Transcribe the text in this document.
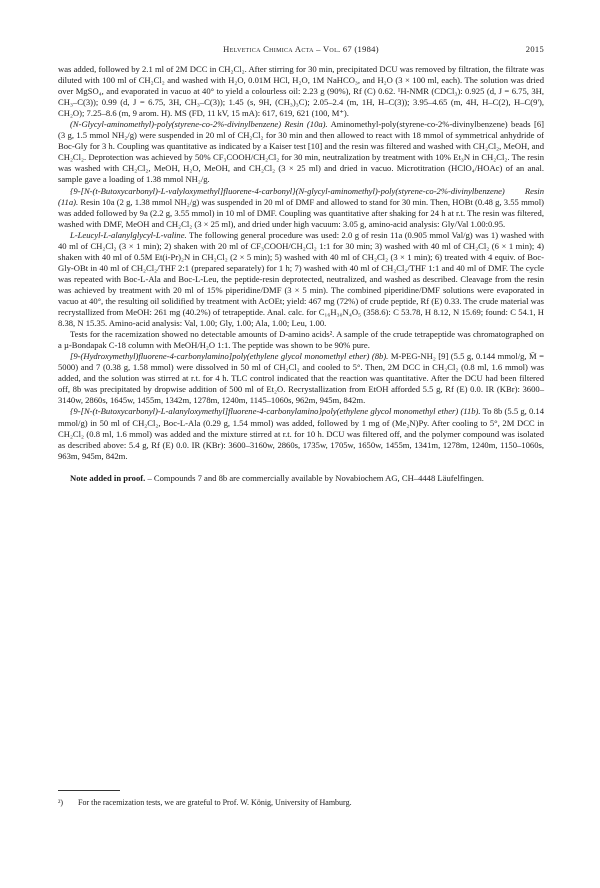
Helvetica Chimica Acta – Vol. 67 (1984)	2015

was added, followed by 2.1 ml of 2M DCC in CH₂Cl₂. After stirring for 30 min, precipitated DCU was removed by filtration, the filtrate was diluted with 100 ml of CH₂Cl₂ and washed with H₂O, 0.01M HCl, H₂O, 1M NaHCO₃, and H₂O (3 × 100 ml, each). The solution was dried over MgSO₄, and evaporated in vacuo at 40° to yield a colourless oil: 2.23 g (90%), Rf (C) 0.62. ¹H-NMR (CDCl₃): 0.925 (d, J = 6.75, 3H, CH₃–C(3)); 0.99 (d, J = 6.75, 3H, CH₃–C(3)); 1.45 (s, 9H, (CH₃)₃C); 2.05–2.4 (m, 1H, H–C(3)); 3.95–4.65 (m, 4H, H–C(2), H–C(9'), CH₂O); 7.25–8.6 (m, 9 arom. H). MS (FD, 11 kV, 15 mA): 617, 619, 621 (100, M⁺).

(N-Glycyl-aminomethyl)-poly(styrene-co-2%-divinylbenzene) Resin (10a). Aminomethyl-poly(styrene-co-2%-divinylbenzene) beads [6] (3 g, 1.5 mmol NH₂/g) were suspended in 20 ml of CH₂Cl₂ for 30 min and then allowed to react with 18 mmol of symmetrical anhydride of Boc-Gly for 3 h. Coupling was quantitative as indicated by a Kaiser test [10] and the resin was filtered and washed with CH₂Cl₂, MeOH, and CH₂Cl₂. Deprotection was achieved by 50% CF₃COOH/CH₂Cl₂ for 30 min, neutralization by treatment with 10% Et₃N in CH₂Cl₂. The resin was washed with CH₂Cl₂, MeOH, H₂O, MeOH, and CH₂Cl₂ (3 × 25 ml) and dried in vacuo. Microtitration (HClO₄/HOAc) of an anal. sample gave a loading of 1.38 mmol NH₂/g.

{9-[N-(t-Butoxycarbonyl)-L-valyloxymethyl]fluorene-4-carbonyl}(N-glycyl-aminomethyl)-poly(styrene-co-2%-divinylbenzene) Resin (11a). Resin 10a (2 g, 1.38 mmol NH₂/g) was suspended in 20 ml of DMF and allowed to stand for 30 min. Then, HOBt (0.48 g, 3.55 mmol) was added followed by 9a (2.2 g, 3.55 mmol) in 10 ml of DMF. Coupling was quantitative after shaking for 24 h at r.t. The resin was filtered, washed with DMF, MeOH and CH₂Cl₂ (3 × 25 ml), and dried under high vacuum: 3.05 g, amino-acid analysis: Gly/Val 1.00:0.95.

L-Leucyl-L-alanylglycyl-L-valine. The following general procedure was used: 2.0 g of resin 11a (0.905 mmol Val/g) was 1) washed with 40 ml of CH₂Cl₂ (3 × 1 min); 2) shaken with 20 ml of CF₃COOH/CH₂Cl₂ 1:1 for 30 min; 3) washed with 40 ml of CH₂Cl₂ (6 × 1 min); 4) shaken with 40 ml of 0.5M Et(i-Pr)₂N in CH₂Cl₂ (2 × 5 min); 5) washed with 40 ml of CH₂Cl₂ (3 × 1 min); 6) treated with 4 equiv. of Boc-Gly-OBt in 40 ml of CH₂Cl₂/THF 2:1 (prepared separately) for 1 h; 7) washed with 40 ml of CH₂Cl₂/THF 1:1 and 40 ml of DMF. The cycle was repeated with Boc-L-Ala and Boc-L-Leu, the peptide-resin deprotected, neutralized, and washed as described. Cleavage from the resin was achieved by treatment with 20 ml of 15% piperidine/DMF (3 × 5 min). The combined piperidine/DMF solutions were evaporated in vacuo at 40°, the resulting oil solidified by treatment with AcOEt; yield: 467 mg (72%) of crude peptide, Rf (E) 0.33. The crude material was recrystallized from MeOH: 261 mg (40.2%) of tetrapeptide. Anal. calc. for C₁₆H₃₀N₄O₅ (358.6): C 53.78, H 8.12, N 15.69; found: C 54.1, H 8.38, N 15.35. Amino-acid analysis: Val, 1.00; Gly, 1.00; Ala, 1.00; Leu, 1.00.

Tests for the racemization showed no detectable amounts of D-amino acids². A sample of the crude tetrapeptide was chromatographed on a µ-Bondapak C-18 column with MeOH/H₂O 1:1. The peptide was shown to be 90% pure.

[9-(Hydroxymethyl)fluorene-4-carbonylamino]poly(ethylene glycol monomethyl ether) (8b). M-PEG-NH₂ [9] (5.5 g, 0.144 mmol/g, M̄ = 5000) and 7 (0.38 g, 1.58 mmol) were dissolved in 50 ml of CH₂Cl₂ and cooled to 5°. Then, 2M DCC in CH₂Cl₂ (0.8 ml, 1.6 mmol) was added, and the solution was stirred at r.t. for 4 h. TLC control indicated that the reaction was quantitative. After the DCU had been filtered off, 8b was precipitated by dropwise addition of 500 ml of Et₂O. Recrystallization from EtOH afforded 5.5 g, Rf (E) 0.0. IR (KBr): 3600–3140w, 2860s, 1645w, 1455m, 1342m, 1278m, 1240m, 1145–1060s, 962m, 945m, 842m.

{9-[N-(t-Butoxycarbonyl)-L-alanyloxymethyl]fluorene-4-carbonylamino}poly(ethylene glycol monomethyl ether) (11b). To 8b (5.5 g, 0.14 mmol/g) in 50 ml of CH₂Cl₂, Boc-L-Ala (0.29 g, 1.54 mmol) was added, followed by 1 mg of (Me₂N)Py. After cooling to 5°, 2M DCC in CH₂Cl₂ (0.8 ml, 1.6 mmol) was added and the mixture stirred at r.t. for 10 h. DCU was filtered off, and the polymer compound was isolated as described above: 5.4 g, Rf (E) 0.0. IR (KBr): 3600–3160w, 2860s, 1735w, 1705w, 1650w, 1455m, 1341m, 1278m, 1240m, 1150–1060s, 963m, 945m, 842m.

Note added in proof. – Compounds 7 and 8b are commercially available by Novabiochem AG, CH–4448 Läufelfingen.

²) For the racemization tests, we are grateful to Prof. W. König, University of Hamburg.
